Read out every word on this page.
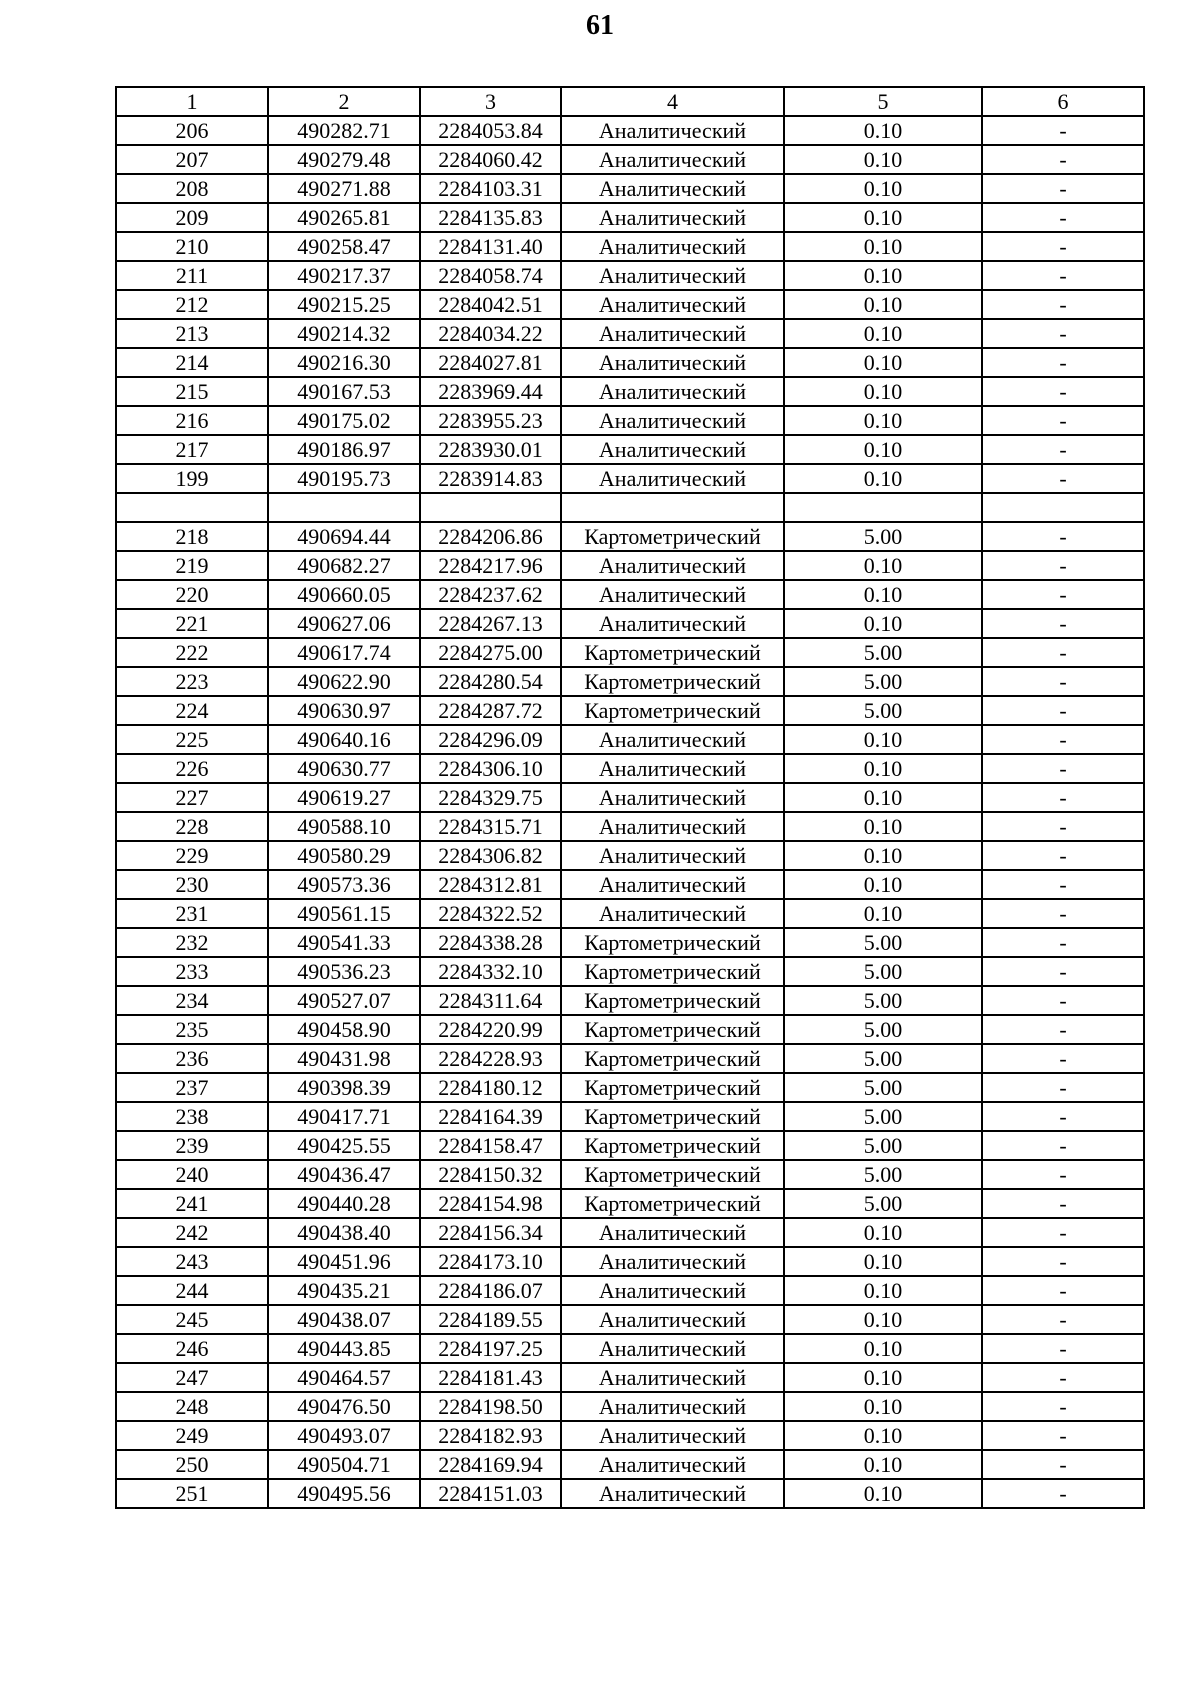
61
1	2	3	4	5	6
206	490282.71	2284053.84	Аналитический	0.10	-
207	490279.48	2284060.42	Аналитический	0.10	-
208	490271.88	2284103.31	Аналитический	0.10	-
209	490265.81	2284135.83	Аналитический	0.10	-
210	490258.47	2284131.40	Аналитический	0.10	-
211	490217.37	2284058.74	Аналитический	0.10	-
212	490215.25	2284042.51	Аналитический	0.10	-
213	490214.32	2284034.22	Аналитический	0.10	-
214	490216.30	2284027.81	Аналитический	0.10	-
215	490167.53	2283969.44	Аналитический	0.10	-
216	490175.02	2283955.23	Аналитический	0.10	-
217	490186.97	2283930.01	Аналитический	0.10	-
199	490195.73	2283914.83	Аналитический	0.10	-

218	490694.44	2284206.86	Картометрический	5.00	-
219	490682.27	2284217.96	Аналитический	0.10	-
220	490660.05	2284237.62	Аналитический	0.10	-
221	490627.06	2284267.13	Аналитический	0.10	-
222	490617.74	2284275.00	Картометрический	5.00	-
223	490622.90	2284280.54	Картометрический	5.00	-
224	490630.97	2284287.72	Картометрический	5.00	-
225	490640.16	2284296.09	Аналитический	0.10	-
226	490630.77	2284306.10	Аналитический	0.10	-
227	490619.27	2284329.75	Аналитический	0.10	-
228	490588.10	2284315.71	Аналитический	0.10	-
229	490580.29	2284306.82	Аналитический	0.10	-
230	490573.36	2284312.81	Аналитический	0.10	-
231	490561.15	2284322.52	Аналитический	0.10	-
232	490541.33	2284338.28	Картометрический	5.00	-
233	490536.23	2284332.10	Картометрический	5.00	-
234	490527.07	2284311.64	Картометрический	5.00	-
235	490458.90	2284220.99	Картометрический	5.00	-
236	490431.98	2284228.93	Картометрический	5.00	-
237	490398.39	2284180.12	Картометрический	5.00	-
238	490417.71	2284164.39	Картометрический	5.00	-
239	490425.55	2284158.47	Картометрический	5.00	-
240	490436.47	2284150.32	Картометрический	5.00	-
241	490440.28	2284154.98	Картометрический	5.00	-
242	490438.40	2284156.34	Аналитический	0.10	-
243	490451.96	2284173.10	Аналитический	0.10	-
244	490435.21	2284186.07	Аналитический	0.10	-
245	490438.07	2284189.55	Аналитический	0.10	-
246	490443.85	2284197.25	Аналитический	0.10	-
247	490464.57	2284181.43	Аналитический	0.10	-
248	490476.50	2284198.50	Аналитический	0.10	-
249	490493.07	2284182.93	Аналитический	0.10	-
250	490504.71	2284169.94	Аналитический	0.10	-
251	490495.56	2284151.03	Аналитический	0.10	-
